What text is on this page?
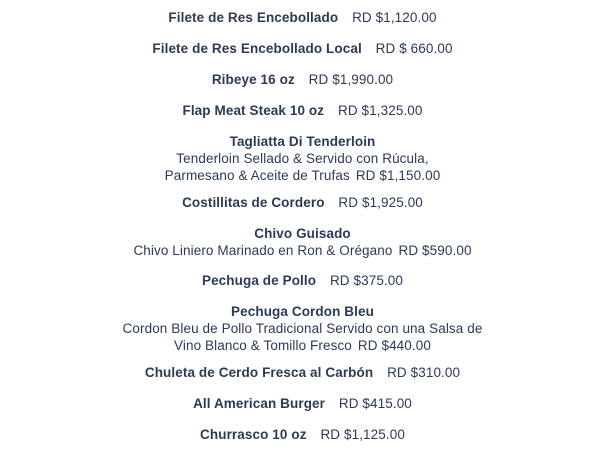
Filete de Res Encebollado RD $1,120.00
Filete de Res Encebollado Local RD $ 660.00
Ribeye 16 oz RD $1,990.00
Flap Meat Steak 10 oz RD $1,325.00
Tagliatta Di Tenderloin
Tenderloin Sellado & Servido con Rúcula,
Parmesano & Aceite de Trufas RD $1,150.00
Costillitas de Cordero RD $1,925.00
Chivo Guisado
Chivo Liniero Marinado en Ron & Orégano RD $590.00
Pechuga de Pollo RD $375.00
Pechuga Cordon Bleu
Cordon Bleu de Pollo Tradicional Servido con una Salsa de
Vino Blanco & Tomillo Fresco RD $440.00
Chuleta de Cerdo Fresca al Carbón RD $310.00
All American Burger RD $415.00
Churrasco 10 oz RD $1,125.00
